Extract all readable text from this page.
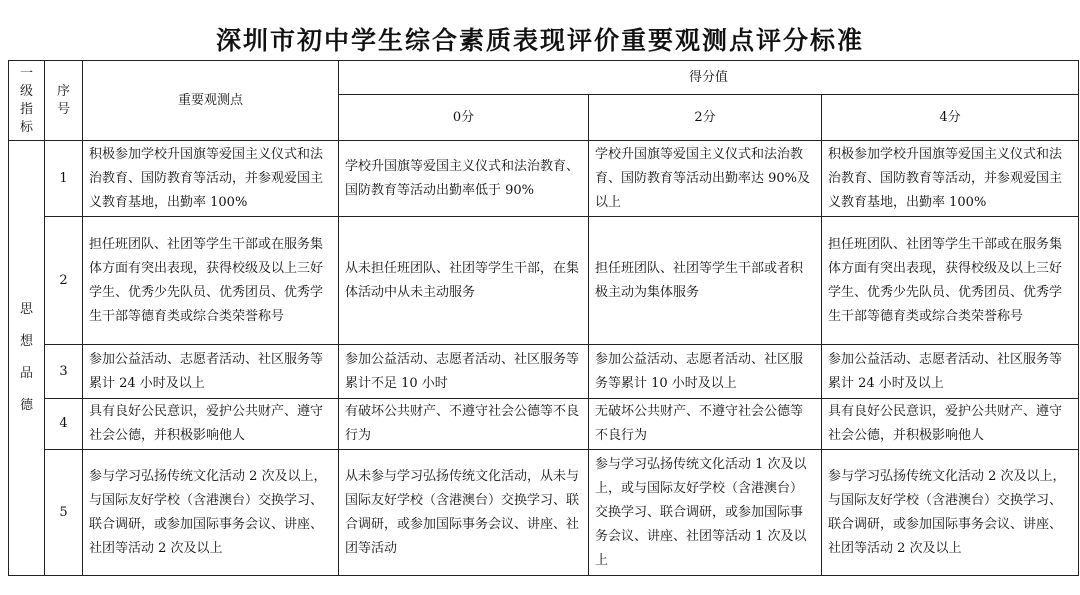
深圳市初中学生综合素质表现评价重要观测点评分标准
一级指标	序号	重要观测点	得分值		
			0分	2分	4分
思想品德	1	积极参加学校升国旗等爱国主义仪式和法治教育、国防教育等活动，并参观爱国主义教育基地，出勤率 100%	学校升国旗等爱国主义仪式和法治教育、国防教育等活动出勤率低于 90%	学校升国旗等爱国主义仪式和法治教育、国防教育等活动出勤率达 90%及以上	积极参加学校升国旗等爱国主义仪式和法治教育、国防教育等活动，并参观爱国主义教育基地，出勤率 100%
	2	担任班团队、社团等学生干部或在服务集体方面有突出表现，获得校级及以上三好学生、优秀少先队员、优秀团员、优秀学生干部等德育类或综合类荣誉称号	从未担任班团队、社团等学生干部，在集体活动中从未主动服务	担任班团队、社团等学生干部或者积极主动为集体服务	担任班团队、社团等学生干部或在服务集体方面有突出表现，获得校级及以上三好学生、优秀少先队员、优秀团员、优秀学生干部等德育类或综合类荣誉称号
	3	参加公益活动、志愿者活动、社区服务等累计 24 小时及以上	参加公益活动、志愿者活动、社区服务等累计不足 10 小时	参加公益活动、志愿者活动、社区服务等累计 10 小时及以上	参加公益活动、志愿者活动、社区服务等累计 24 小时及以上
	4	具有良好公民意识，爱护公共财产、遵守社会公德，并积极影响他人	有破坏公共财产、不遵守社会公德等不良行为	无破坏公共财产、不遵守社会公德等不良行为	具有良好公民意识，爱护公共财产、遵守社会公德，并积极影响他人
	5	参与学习弘扬传统文化活动 2 次及以上，与国际友好学校（含港澳台）交换学习、联合调研，或参加国际事务会议、讲座、社团等活动 2 次及以上	从未参与学习弘扬传统文化活动，从未与国际友好学校（含港澳台）交换学习、联合调研，或参加国际事务会议、讲座、社团等活动	参与学习弘扬传统文化活动 1 次及以上，或与国际友好学校（含港澳台）交换学习、联合调研，或参加国际事务会议、讲座、社团等活动 1 次及以上	参与学习弘扬传统文化活动 2 次及以上，与国际友好学校（含港澳台）交换学习、联合调研，或参加国际事务会议、讲座、社团等活动 2 次及以上
